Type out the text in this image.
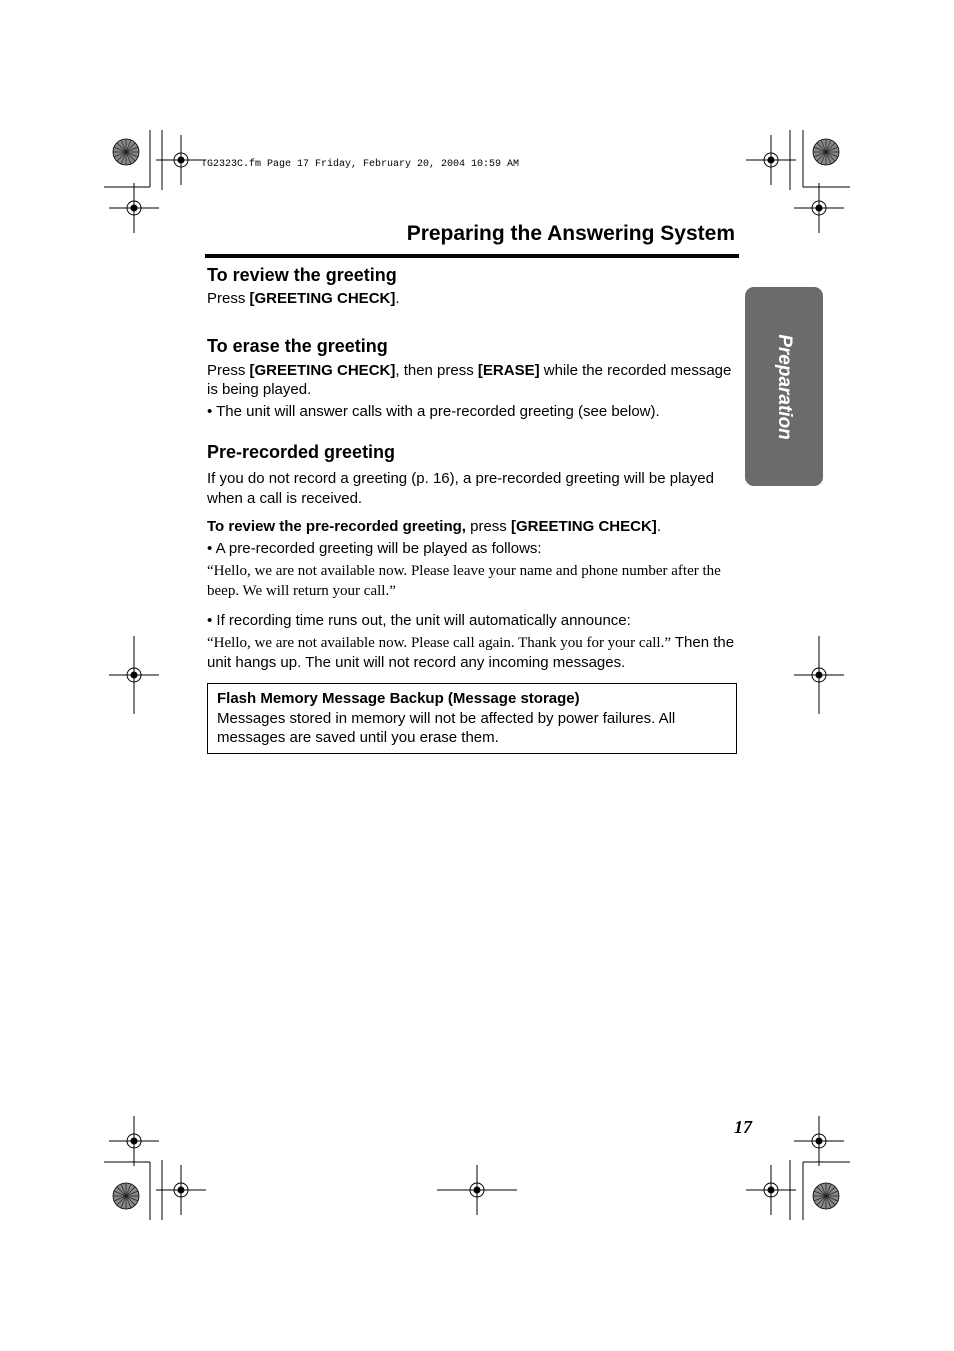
TG2323C.fm Page 17 Friday, February 20, 2004 10:59 AM
Preparing the Answering System
Preparation
To review the greeting

Press [GREETING CHECK].

To erase the greeting

Press [GREETING CHECK], then press [ERASE] while the recorded message is being played.

• The unit will answer calls with a pre-recorded greeting (see below).

Pre-recorded greeting

If you do not record a greeting (p. 16), a pre-recorded greeting will be played when a call is received.

To review the pre-recorded greeting, press [GREETING CHECK].

• A pre-recorded greeting will be played as follows:

“Hello, we are not available now. Please leave your name and phone number after the beep. We will return your call.”

• If recording time runs out, the unit will automatically announce:

“Hello, we are not available now. Please call again. Thank you for your call.” Then the unit hangs up. The unit will not record any incoming messages.

Flash Memory Message Backup (Message storage)
Messages stored in memory will not be affected by power failures. All messages are saved until you erase them.
17
